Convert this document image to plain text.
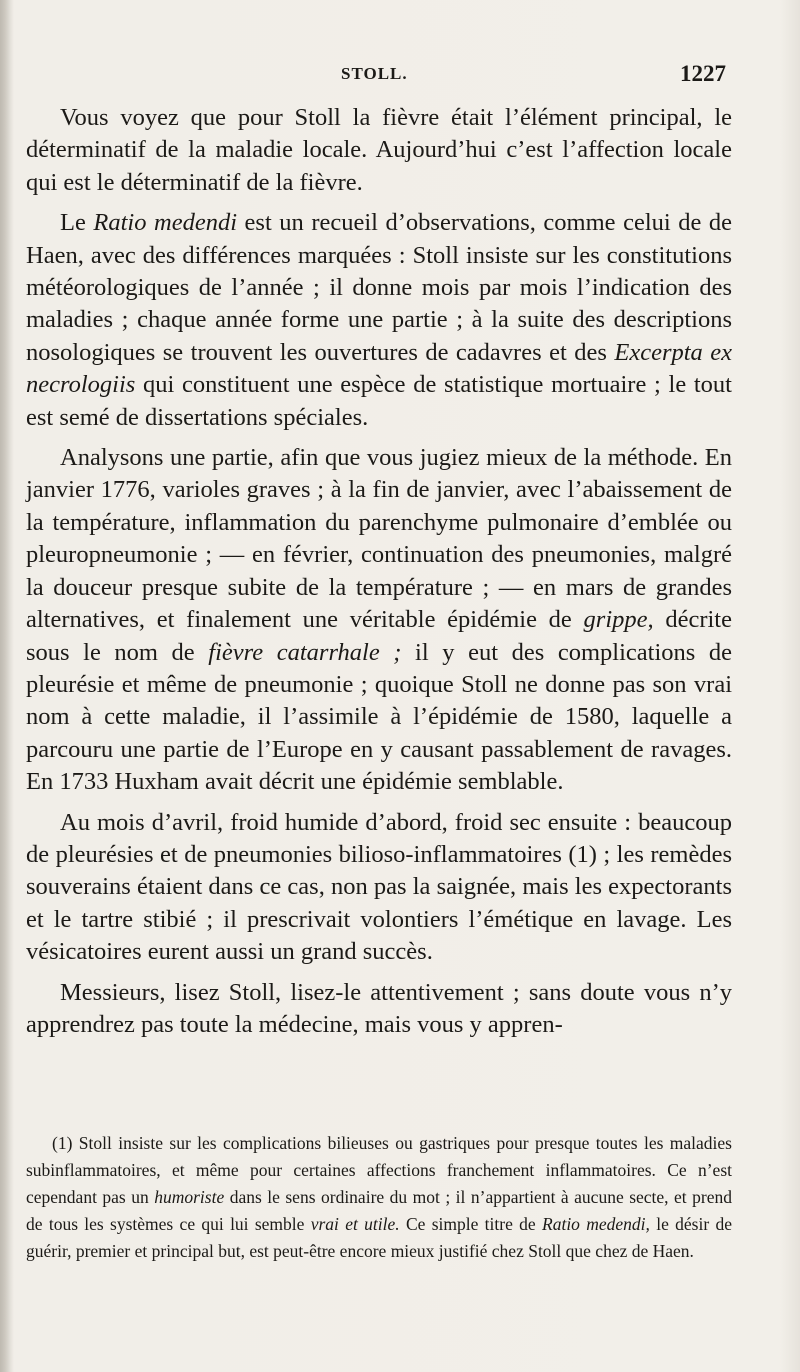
STOLL.	1227

Vous voyez que pour Stoll la fièvre était l’élément principal, le déterminatif de la maladie locale. Aujourd’hui c’est l’affection locale qui est le déterminatif de la fièvre.

Le Ratio medendi est un recueil d’observations, comme celui de de Haen, avec des différences marquées : Stoll insiste sur les constitutions météorologiques de l’année ; il donne mois par mois l’indication des maladies ; chaque année forme une partie ; à la suite des descriptions nosologiques se trouvent les ouvertures de cadavres et des Excerpta ex necrologiis qui constituent une espèce de statistique mortuaire ; le tout est semé de dissertations spéciales.

Analysons une partie, afin que vous jugiez mieux de la méthode. En janvier 1776, varioles graves ; à la fin de janvier, avec l’abaissement de la température, inflammation du parenchyme pulmonaire d’emblée ou pleuropneumonie ; — en février, continuation des pneumonies, malgré la douceur presque subite de la température ; — en mars de grandes alternatives, et finalement une véritable épidémie de grippe, décrite sous le nom de fièvre catarrhale ; il y eut des complications de pleurésie et même de pneumonie ; quoique Stoll ne donne pas son vrai nom à cette maladie, il l’assimile à l’épidémie de 1580, laquelle a parcouru une partie de l’Europe en y causant passablement de ravages. En 1733 Huxham avait décrit une épidémie semblable.

Au mois d’avril, froid humide d’abord, froid sec ensuite : beaucoup de pleurésies et de pneumonies bilioso-inflammatoires (1) ; les remèdes souverains étaient dans ce cas, non pas la saignée, mais les expectorants et le tartre stibié ; il prescrivait volontiers l’émétique en lavage. Les vésicatoires eurent aussi un grand succès.

Messieurs, lisez Stoll, lisez-le attentivement ; sans doute vous n’y apprendrez pas toute la médecine, mais vous y appren-

(1) Stoll insiste sur les complications bilieuses ou gastriques pour presque toutes les maladies subinflammatoires, et même pour certaines affections franchement inflammatoires. Ce n’est cependant pas un humoriste dans le sens ordinaire du mot ; il n’appartient à aucune secte, et prend de tous les systèmes ce qui lui semble vrai et utile. Ce simple titre de Ratio medendi, le désir de guérir, premier et principal but, est peut-être encore mieux justifié chez Stoll que chez de Haen.
